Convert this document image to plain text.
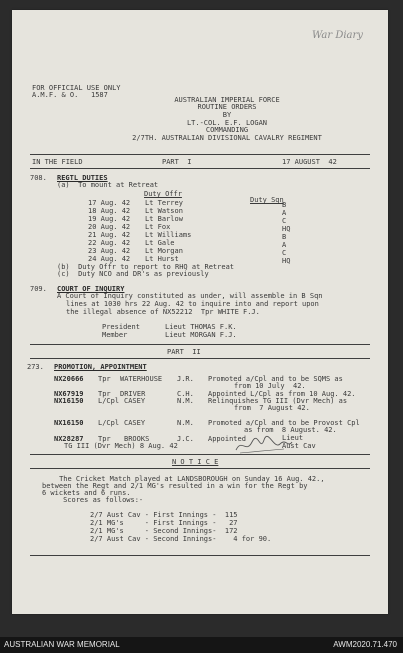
War Diary
FOR OFFICIAL USE ONLY
A.M.F. & O.   1587
AUSTRALIAN IMPERIAL FORCE
ROUTINE ORDERS
BY
LT.-COL. E.F. LOGAN
COMMANDING
2/7TH. AUSTRALIAN DIVISIONAL CAVALRY REGIMENT
IN THE FIELD	PART  I	17 AUGUST  42
708. REGTL DUTIES
(a)  To mount at Retreat
Duty Offr
Duty Sqn
17 Aug. 42 Lt Terrey	B
18 Aug. 42 Lt Watson	A
19 Aug. 42 Lt Barlow	C
20 Aug. 42 Lt Fox	HQ
21 Aug. 42 Lt Williams	B
22 Aug. 42 Lt Gale	A
23 Aug. 42 Lt Morgan	C
24 Aug. 42 Lt Hurst	HQ
(b)  Duty Offr to report to RHQ at Retreat
(c)  Duty NCO and DR's as previously
709. COURT OF INQUIRY
A Court of Inquiry constituted as under, will assemble in B Sqn
lines at 1030 hrs 22 Aug. 42 to inquire into and report upon
the illegal absence of NX52212  Tpr WHITE F.J.
President	Lieut THOMAS F.K.
Member	Lieut MORGAN F.J.
PART  II
273. PROMOTION, APPOINTMENT
NX20666 Tpr WATERHOUSE J.R. Promoted a/Cpl and to be SQMS as
from 10 July  42.
NX67919 Tpr DRIVER	C.H. Appointed L/Cpl as from 10 Aug. 42.
NX16150 L/Cpl CASEY	N.M. Relinquishes TG III (Dvr Mech) as
from  7 August 42.
NX16150 L/Cpl CASEY	N.M. Promoted a/Cpl and to be Provost Cpl
as from  8 August. 42.
NX28287 Tpr BROOKS	J.C. Appointed
TG III (Dvr Mech) 8 Aug. 42
Lieut
Aust Cav
N O T I C E
The Cricket Match played at LANDSBOROUGH on Sunday 16 Aug. 42.,
between the Regt and 2/1 MG's resulted in a win for the Regt by
6 wickets and 6 runs.
Scores as follows:-
2/7 Aust Cav - First Innings -  115
2/1 MG's     - First Innings -   27
2/1 MG's     - Second Innings-  172
2/7 Aust Cav - Second Innings-    4 for 90.
AUSTRALIAN WAR MEMORIAL	AWM2020.71.470
